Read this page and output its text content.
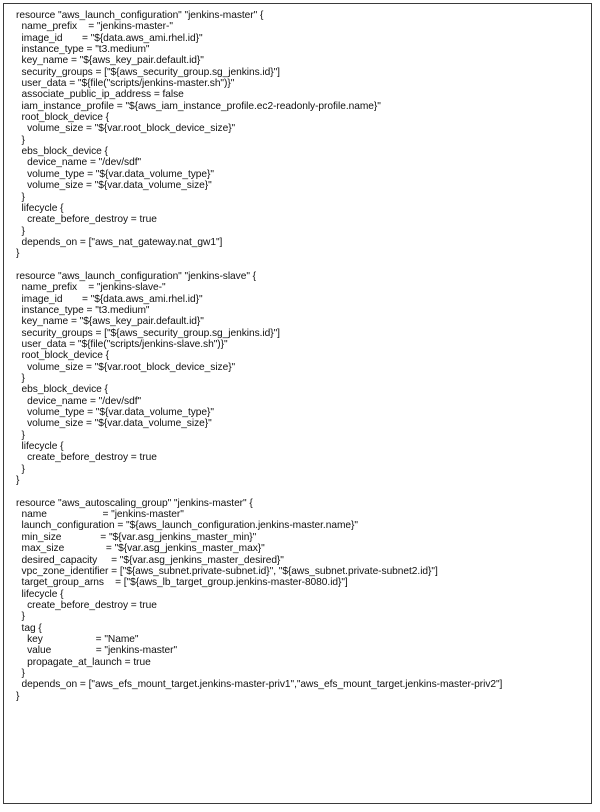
resource "aws_launch_configuration" "jenkins-master" {
name_prefix    = "jenkins-master-"
image_id       = "${data.aws_ami.rhel.id}"
instance_type = "t3.medium"
key_name = "${aws_key_pair.default.id}"
security_groups = ["${aws_security_group.sg_jenkins.id}"]
user_data = "${file("scripts/jenkins-master.sh")}"
associate_public_ip_address = false
iam_instance_profile = "${aws_iam_instance_profile.ec2-readonly-profile.name}"
root_block_device {
volume_size = "${var.root_block_device_size}"
}
ebs_block_device {
device_name = "/dev/sdf"
volume_type = "${var.data_volume_type}"
volume_size = "${var.data_volume_size}"
}
lifecycle {
create_before_destroy = true
}
depends_on = ["aws_nat_gateway.nat_gw1"]
}

resource "aws_launch_configuration" "jenkins-slave" {
name_prefix    = "jenkins-slave-"
image_id       = "${data.aws_ami.rhel.id}"
instance_type = "t3.medium"
key_name = "${aws_key_pair.default.id}"
security_groups = ["${aws_security_group.sg_jenkins.id}"]
user_data = "${file("scripts/jenkins-slave.sh")}"
root_block_device {
volume_size = "${var.root_block_device_size}"
}
ebs_block_device {
device_name = "/dev/sdf"
volume_type = "${var.data_volume_type}"
volume_size = "${var.data_volume_size}"
}
lifecycle {
create_before_destroy = true
}
}

resource "aws_autoscaling_group" "jenkins-master" {
name                    = "jenkins-master"
launch_configuration = "${aws_launch_configuration.jenkins-master.name}"
min_size              = "${var.asg_jenkins_master_min}"
max_size               = "${var.asg_jenkins_master_max}"
desired_capacity     = "${var.asg_jenkins_master_desired}"
vpc_zone_identifier = ["${aws_subnet.private-subnet.id}", "${aws_subnet.private-subnet2.id}"]
target_group_arns    = ["${aws_lb_target_group.jenkins-master-8080.id}"]
lifecycle {
create_before_destroy = true
}
tag {
key                   = "Name"
value                = "jenkins-master"
propagate_at_launch = true
}
depends_on = ["aws_efs_mount_target.jenkins-master-priv1","aws_efs_mount_target.jenkins-master-priv2"]
}
